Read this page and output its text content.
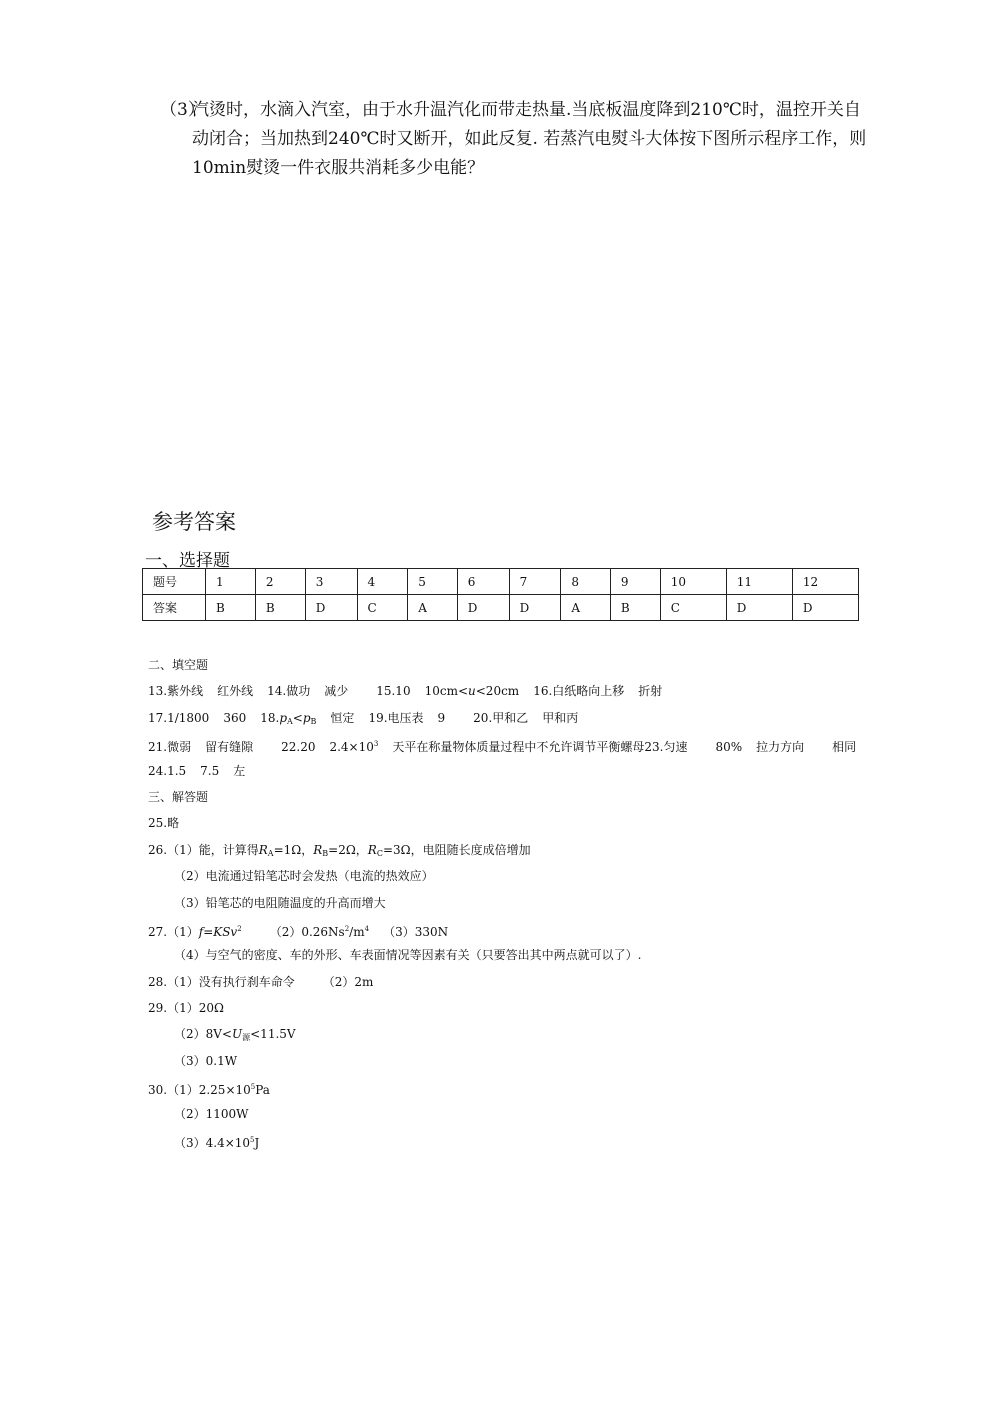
（3）
汽烫时，水滴入汽室，由于水升温汽化而带走热量.当底板温度降到210℃时，温控开关自动闭合；当加热到240℃时又断开，如此反复. 若蒸汽电熨斗大体按下图所示程序工作，则10min熨烫一件衣服共消耗多少电能？
参考答案
一、选择题
题号	1	2	3	4	5	6	7	8	9	10	11	12
答案	B	B	D	C	A	D	D	A	B	C	D	D
二、填空题
13.紫外线 红外线 14.做功 减少 15.10 10cm<u<20cm 16.白纸略向上移 折射
17.1/1800 360 $18.p_A<p_B$ 恒定 19.电压表 9 20.甲和乙 甲和丙
21.微弱 留有缝隙 22.20 $2.4\times 10^3$ 天平在称量物体质量过程中不允许调节平衡螺母23.匀速 80% 拉力方向 相同
24.1.5 7.5 左
三、解答题
25.略
26.（1）能，计算得$R_A=1\Omega$，$R_B=2\Omega$，$R_C=3\Omega$，电阻随长度成倍增加
（2）电流通过铅笔芯时会发热（电流的热效应）
（3）铅笔芯的电阻随温度的升高而增大
27.（1）f=KSv$^2$ $(2)0.26Ns^2/m^4$ （3）330N
（4）与空气的密度、车的外形、车表面情况等因素有关（只要答出其中两点就可以了）.
28.（1）没有执行刹车命令 （2）2m
29.（1）20Ω
$(2)8V<U_源<11.5V$
（3）0.1W
$30.(1)2.25\times 10^5Pa$
（2）1100W
$(3)4.4\times 10^5J$
